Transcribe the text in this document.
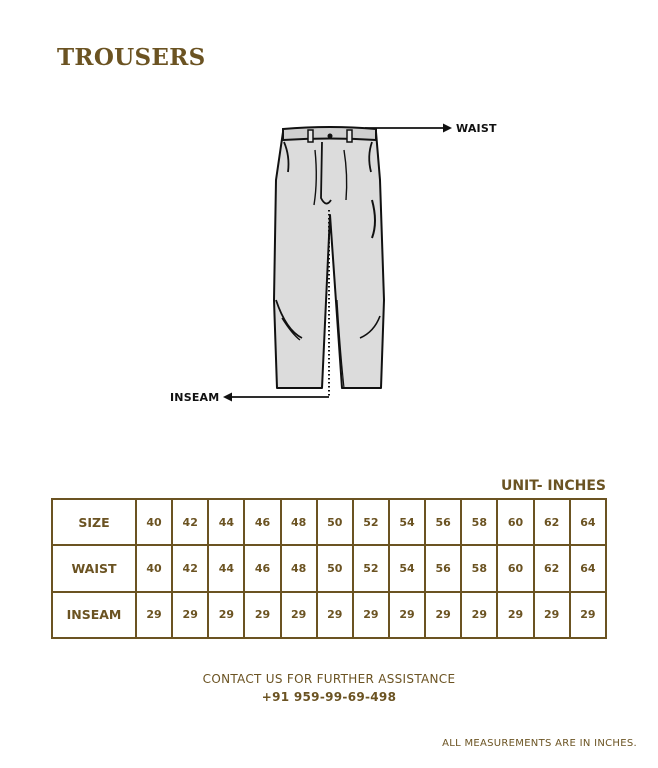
TROUSERS
WAIST
INSEAM
UNIT- INCHES
SIZE	40	42	44	46	48	50	52	54	56	58	60	62	64
WAIST	40	42	44	46	48	50	52	54	56	58	60	62	64
INSEAM	29	29	29	29	29	29	29	29	29	29	29	29	29
CONTACT US FOR FURTHER ASSISTANCE
+91 959-99-69-498
ALL MEASUREMENTS ARE IN INCHES.
